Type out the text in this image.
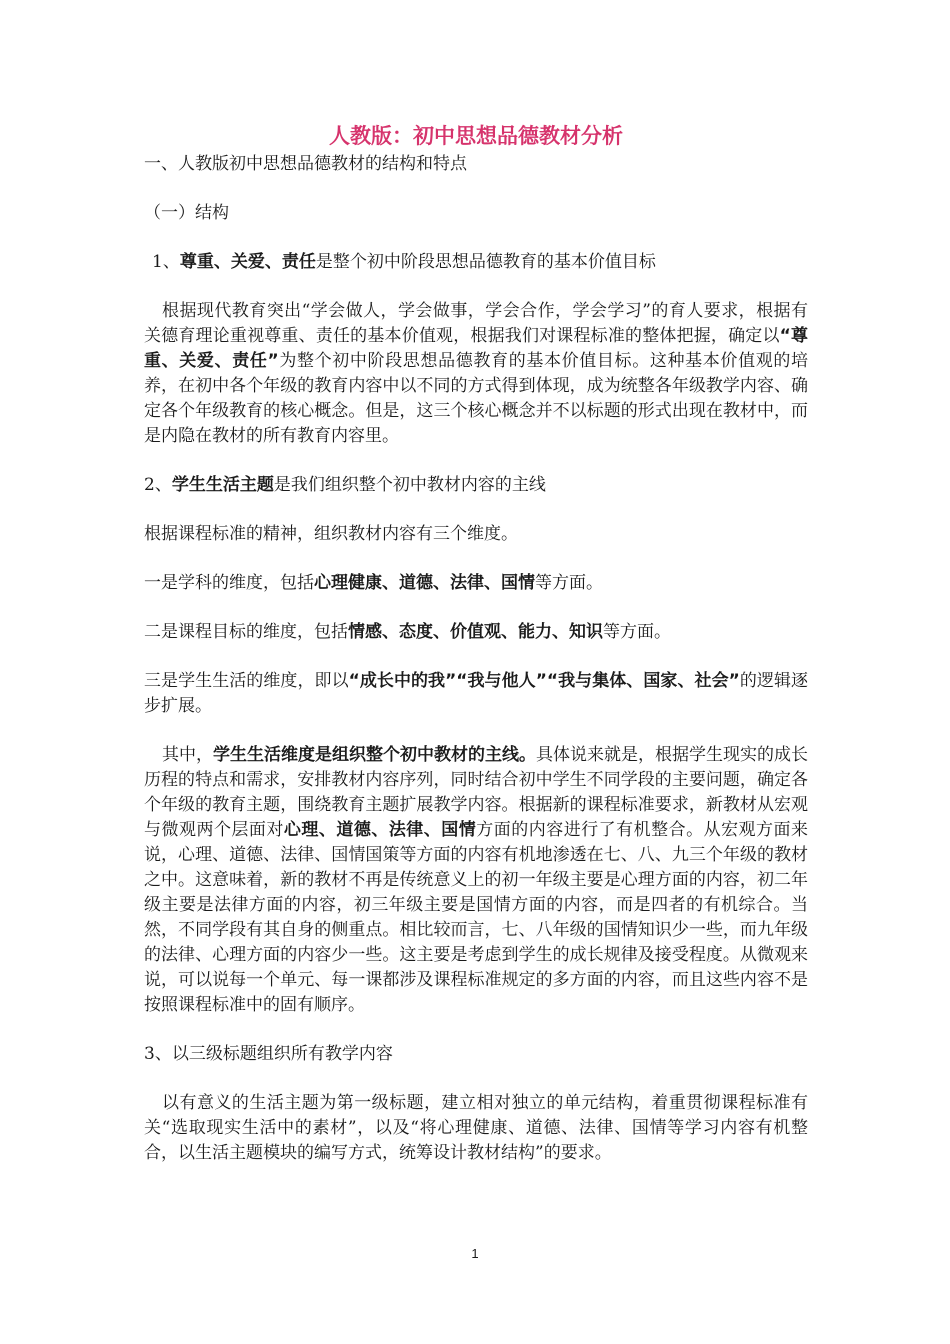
人教版：初中思想品德教材分析

一、人教版初中思想品德教材的结构和特点

（一）结构

1、尊重、关爱、责任是整个初中阶段思想品德教育的基本价值目标

根据现代教育突出“学会做人，学会做事，学会合作，学会学习”的育人要求，根据有关德育理论重视尊重、责任的基本价值观，根据我们对课程标准的整体把握，确定以“尊重、关爱、责任”为整个初中阶段思想品德教育的基本价值目标。这种基本价值观的培养，在初中各个年级的教育内容中以不同的方式得到体现，成为统整各年级教学内容、确定各个年级教育的核心概念。但是，这三个核心概念并不以标题的形式出现在教材中，而是内隐在教材的所有教育内容里。

2、学生生活主题是我们组织整个初中教材内容的主线

根据课程标准的精神，组织教材内容有三个维度。

一是学科的维度，包括心理健康、道德、法律、国情等方面。

二是课程目标的维度，包括情感、态度、价值观、能力、知识等方面。

三是学生生活的维度，即以“成长中的我”“我与他人”“我与集体、国家、社会”的逻辑逐步扩展。

其中，学生生活维度是组织整个初中教材的主线。具体说来就是，根据学生现实的成长历程的特点和需求，安排教材内容序列，同时结合初中学生不同学段的主要问题，确定各个年级的教育主题，围绕教育主题扩展教学内容。根据新的课程标准要求，新教材从宏观与微观两个层面对心理、道德、法律、国情方面的内容进行了有机整合。从宏观方面来说，心理、道德、法律、国情国策等方面的内容有机地渗透在七、八、九三个年级的教材之中。这意味着，新的教材不再是传统意义上的初一年级主要是心理方面的内容，初二年级主要是法律方面的内容，初三年级主要是国情方面的内容，而是四者的有机综合。当然，不同学段有其自身的侧重点。相比较而言，七、八年级的国情知识少一些，而九年级的法律、心理方面的内容少一些。这主要是考虑到学生的成长规律及接受程度。从微观来说，可以说每一个单元、每一课都涉及课程标准规定的多方面的内容，而且这些内容不是按照课程标准中的固有顺序。

3、以三级标题组织所有教学内容

以有意义的生活主题为第一级标题，建立相对独立的单元结构，着重贯彻课程标准有关“选取现实生活中的素材”，以及“将心理健康、道德、法律、国情等学习内容有机整合，以生活主题模块的编写方式，统筹设计教材结构”的要求。

1
